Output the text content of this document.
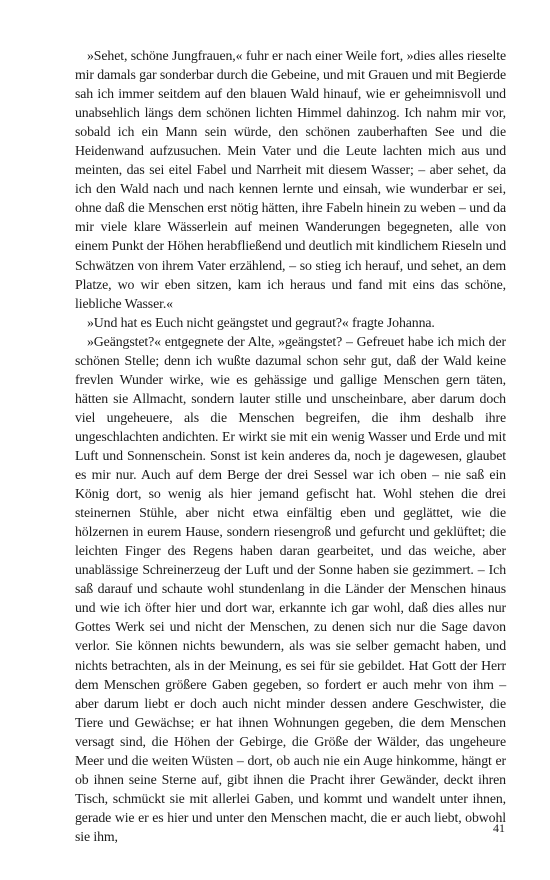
»Sehet, schöne Jungfrauen,« fuhr er nach einer Weile fort, »dies alles rieselte mir damals gar sonderbar durch die Gebeine, und mit Grauen und mit Begierde sah ich immer seitdem auf den blauen Wald hinauf, wie er geheimnisvoll und unabsehlich längs dem schönen lichten Himmel dahinzog. Ich nahm mir vor, sobald ich ein Mann sein würde, den schönen zauberhaften See und die Heidenwand aufzusuchen. Mein Vater und die Leute lachten mich aus und meinten, das sei eitel Fabel und Narrheit mit diesem Wasser; – aber sehet, da ich den Wald nach und nach kennen lernte und einsah, wie wunderbar er sei, ohne daß die Menschen erst nötig hätten, ihre Fabeln hinein zu weben – und da mir viele klare Wässerlein auf meinen Wanderungen begegneten, alle von einem Punkt der Höhen herabfließend und deutlich mit kindlichem Rieseln und Schwätzen von ihrem Vater erzählend, – so stieg ich herauf, und sehet, an dem Platze, wo wir eben sitzen, kam ich heraus und fand mit eins das schöne, liebliche Wasser.«

»Und hat es Euch nicht geängstet und gegraut?« fragte Johanna.

»Geängstet?« entgegnete der Alte, »geängstet? – Gefreuet habe ich mich der schönen Stelle; denn ich wußte dazumal schon sehr gut, daß der Wald keine frevlen Wunder wirke, wie es gehässige und gallige Menschen gern täten, hätten sie Allmacht, sondern lauter stille und unscheinbare, aber darum doch viel ungeheuere, als die Menschen begreifen, die ihm deshalb ihre ungeschlachten andichten. Er wirkt sie mit ein wenig Wasser und Erde und mit Luft und Sonnenschein. Sonst ist kein anderes da, noch je dagewesen, glaubet es mir nur. Auch auf dem Berge der drei Sessel war ich oben – nie saß ein König dort, so wenig als hier jemand gefischt hat. Wohl stehen die drei steinernen Stühle, aber nicht etwa einfältig eben und geglättet, wie die hölzernen in eurem Hause, sondern riesengroß und gefurcht und geklüftet; die leichten Finger des Regens haben daran gearbeitet, und das weiche, aber unablässige Schreinerzeug der Luft und der Sonne haben sie gezimmert. – Ich saß darauf und schaute wohl stundenlang in die Länder der Menschen hinaus und wie ich öfter hier und dort war, erkannte ich gar wohl, daß dies alles nur Gottes Werk sei und nicht der Menschen, zu denen sich nur die Sage davon verlor. Sie können nichts bewundern, als was sie selber gemacht haben, und nichts betrachten, als in der Meinung, es sei für sie gebildet. Hat Gott der Herr dem Menschen größere Gaben gegeben, so fordert er auch mehr von ihm – aber darum liebt er doch auch nicht minder dessen andere Geschwister, die Tiere und Gewächse; er hat ihnen Wohnungen gegeben, die dem Menschen versagt sind, die Höhen der Gebirge, die Größe der Wälder, das ungeheure Meer und die weiten Wüsten – dort, ob auch nie ein Auge hinkomme, hängt er ob ihnen seine Sterne auf, gibt ihnen die Pracht ihrer Gewänder, deckt ihren Tisch, schmückt sie mit allerlei Gaben, und kommt und wandelt unter ihnen, gerade wie er es hier und unter den Menschen macht, die er auch liebt, obwohl sie ihm,

41
